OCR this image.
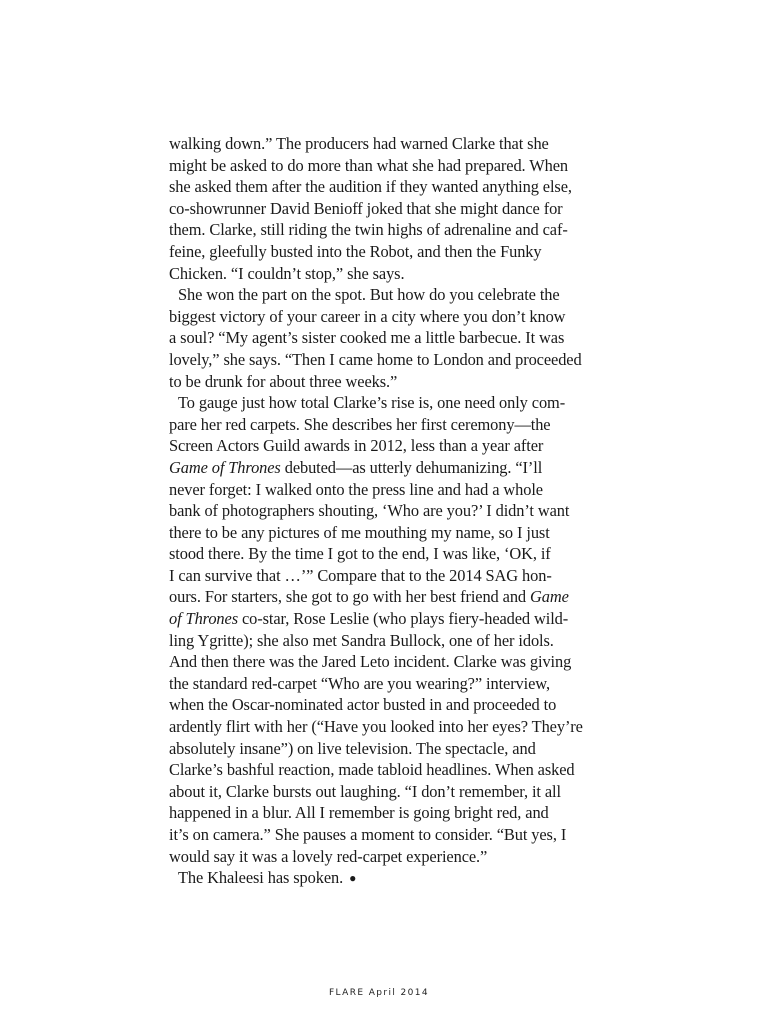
walking down.” The producers had warned Clarke that she
might be asked to do more than what she had prepared. When
she asked them after the audition if they wanted anything else,
co-showrunner David Benioff joked that she might dance for
them. Clarke, still riding the twin highs of adrenaline and caf-
feine, gleefully busted into the Robot, and then the Funky
Chicken. “I couldn’t stop,” she says.
She won the part on the spot. But how do you celebrate the
biggest victory of your career in a city where you don’t know
a soul? “My agent’s sister cooked me a little barbecue. It was
lovely,” she says. “Then I came home to London and proceeded
to be drunk for about three weeks.”
To gauge just how total Clarke’s rise is, one need only com-
pare her red carpets. She describes her first ceremony—the
Screen Actors Guild awards in 2012, less than a year after
Game of Thrones debuted—as utterly dehumanizing. “I’ll
never forget: I walked onto the press line and had a whole
bank of photographers shouting, ‘Who are you?’ I didn’t want
there to be any pictures of me mouthing my name, so I just
stood there. By the time I got to the end, I was like, ‘OK, if
I can survive that …’” Compare that to the 2014 SAG hon-
ours. For starters, she got to go with her best friend and Game
of Thrones co-star, Rose Leslie (who plays fiery-headed wild-
ling Ygritte); she also met Sandra Bullock, one of her idols.
And then there was the Jared Leto incident. Clarke was giving
the standard red-carpet “Who are you wearing?” interview,
when the Oscar-nominated actor busted in and proceeded to
ardently flirt with her (“Have you looked into her eyes? They’re
absolutely insane”) on live television. The spectacle, and
Clarke’s bashful reaction, made tabloid headlines. When asked
about it, Clarke bursts out laughing. “I don’t remember, it all
happened in a blur. All I remember is going bright red, and
it’s on camera.” She pauses a moment to consider. “But yes, I
would say it was a lovely red-carpet experience.”
The Khaleesi has spoken. ●
FLARE April 2014
